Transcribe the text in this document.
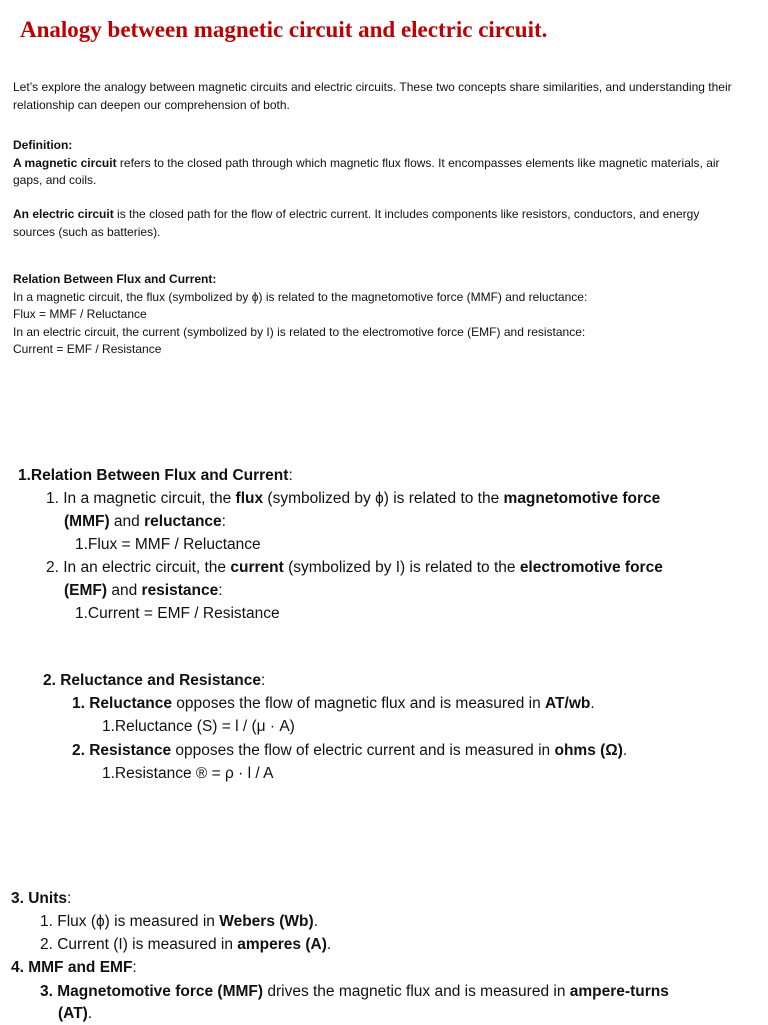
Analogy between magnetic circuit and electric circuit.

Let’s explore the analogy between magnetic circuits and electric circuits. These two concepts share similarities, and understanding their relationship can deepen our comprehension of both.

Definition:

A magnetic circuit refers to the closed path through which magnetic flux flows. It encompasses elements like magnetic materials, air gaps, and coils.

An electric circuit is the closed path for the flow of electric current. It includes components like resistors, conductors, and energy sources (such as batteries).

Relation Between Flux and Current:

In a magnetic circuit, the flux (symbolized by ϕ) is related to the magnetomotive force (MMF) and reluctance:

Flux = MMF / Reluctance

In an electric circuit, the current (symbolized by I) is related to the electromotive force (EMF) and resistance:

Current = EMF / Resistance

1.Relation Between Flux and Current:

1. In a magnetic circuit, the flux (symbolized by ϕ) is related to the magnetomotive force

(MMF) and reluctance:

1.Flux = MMF / Reluctance

2. In an electric circuit, the current (symbolized by I) is related to the electromotive force

(EMF) and resistance:

1.Current = EMF / Resistance

2. Reluctance and Resistance:

1. Reluctance opposes the flow of magnetic flux and is measured in AT/wb.

1.Reluctance (S) = l / (μ · A)

2. Resistance opposes the flow of electric current and is measured in ohms (Ω).

1.Resistance ® = ρ · l / A

3. Units:

1. Flux (ϕ) is measured in Webers (Wb).

2. Current (I) is measured in amperes (A).

4. MMF and EMF:

3. Magnetomotive force (MMF) drives the magnetic flux and is measured in ampere-turns

(AT).
